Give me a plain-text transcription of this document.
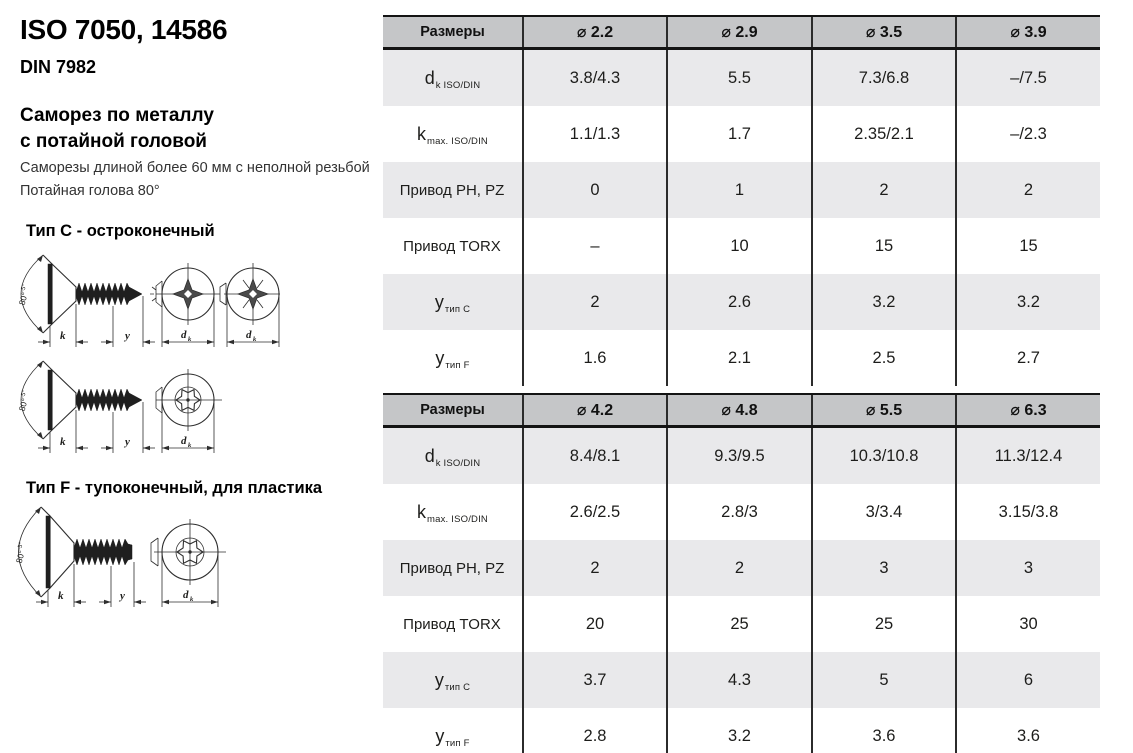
ISO 7050, 14586
DIN 7982
Саморез по металлу
с потайной головой
Саморезы длиной более 60 мм с неполной резьбой
Потайная голова 80°
Тип C - остроконечный
Тип F - тупоконечный, для пластика
80°$^{-5^\circ}$
k	y	d k	d k
80°$^{-5^\circ}$
k	y	d k
80°$^{-5^\circ}$
k	y	d k
Размеры	⌀ 2.2	⌀ 2.9	⌀ 3.5	⌀ 3.9
$d_{k ISO/DIN}$	3.8/4.3	5.5	7.3/6.8	–/7.5
$k_{max. ISO/DIN}$	1.1/1.3	1.7	2.35/2.1	–/2.3
Привод PH, PZ	0	1	2	2
Привод TORX	–	10	15	15
$y_{тип C}$	2	2.6	3.2	3.2
$y_{тип F}$	1.6	2.1	2.5	2.7
Размеры	⌀ 4.2	⌀ 4.8	⌀ 5.5	⌀ 6.3
$d_{k ISO/DIN}$	8.4/8.1	9.3/9.5	10.3/10.8	11.3/12.4
$k_{max. ISO/DIN}$	2.6/2.5	2.8/3	3/3.4	3.15/3.8
Привод PH, PZ	2	2	3	3
Привод TORX	20	25	25	30
$y_{тип C}$	3.7	4.3	5	6
$y_{тип F}$	2.8	3.2	3.6	3.6
